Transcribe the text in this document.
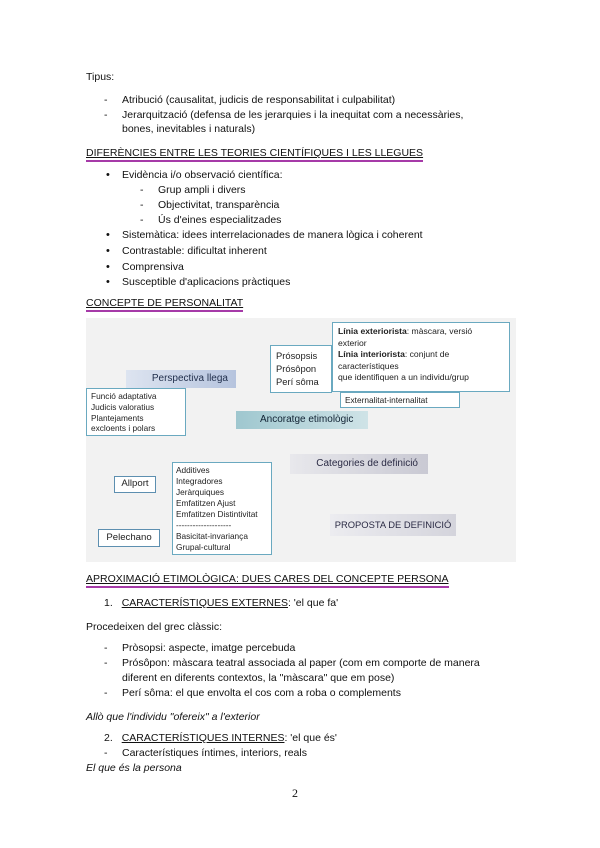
Tipus:
- Atribució (causalitat, judicis de responsabilitat i culpabilitat)
- Jerarquització (defensa de les jerarquies i la inequitat com a necessàries,
bones, inevitables i naturals)
DIFERÈNCIES ENTRE LES TEORIES CIENTÍFIQUES I LES LLEGUES
• Evidència i/o observació científica:
- Grup ampli i divers
- Objectivitat, transparència
- Ús d'eines especialitzades
• Sistemàtica: idees interrelacionades de manera lògica i coherent
• Contrastable: dificultat inherent
• Comprensiva
• Susceptible d'aplicacions pràctiques
CONCEPTE DE PERSONALITAT
Línia exteriorista: màscara, versió
exterior
Línia interiorista: conjunt de
característiques
que identifiquen a un individu/grup
Prósopsis
Prósôpon
Perí sôma
Perspectiva llega
Funció adaptativa
Judicis valoratius
Plantejaments
excloents i polars
Externalitat-internalitat
Ancoratge etimològic
Categories de definició
Allport
Additives
Integradores
Jeràrquiques
Emfatitzen Ajust
Emfatitzen Distintivitat
--------------------
Basicitat-invariança
Grupal-cultural
Pelechano
PROPOSTA DE DEFINICIÓ
APROXIMACIÓ ETIMOLÒGICA: DUES CARES DEL CONCEPTE PERSONA
1. CARACTERÍSTIQUES EXTERNES: 'el que fa'
Procedeixen del grec clàssic:
- Pròsopsi: aspecte, imatge percebuda
- Prósôpon: màscara teatral associada al paper (com em comporte de manera
diferent en diferents contextos, la "màscara" que em pose)
- Perí sôma: el que envolta el cos com a roba o complements
Allò que l'individu "ofereix" a l'exterior
2. CARACTERÍSTIQUES INTERNES: 'el que és'
- Característiques íntimes, interiors, reals
El que és la persona
2
